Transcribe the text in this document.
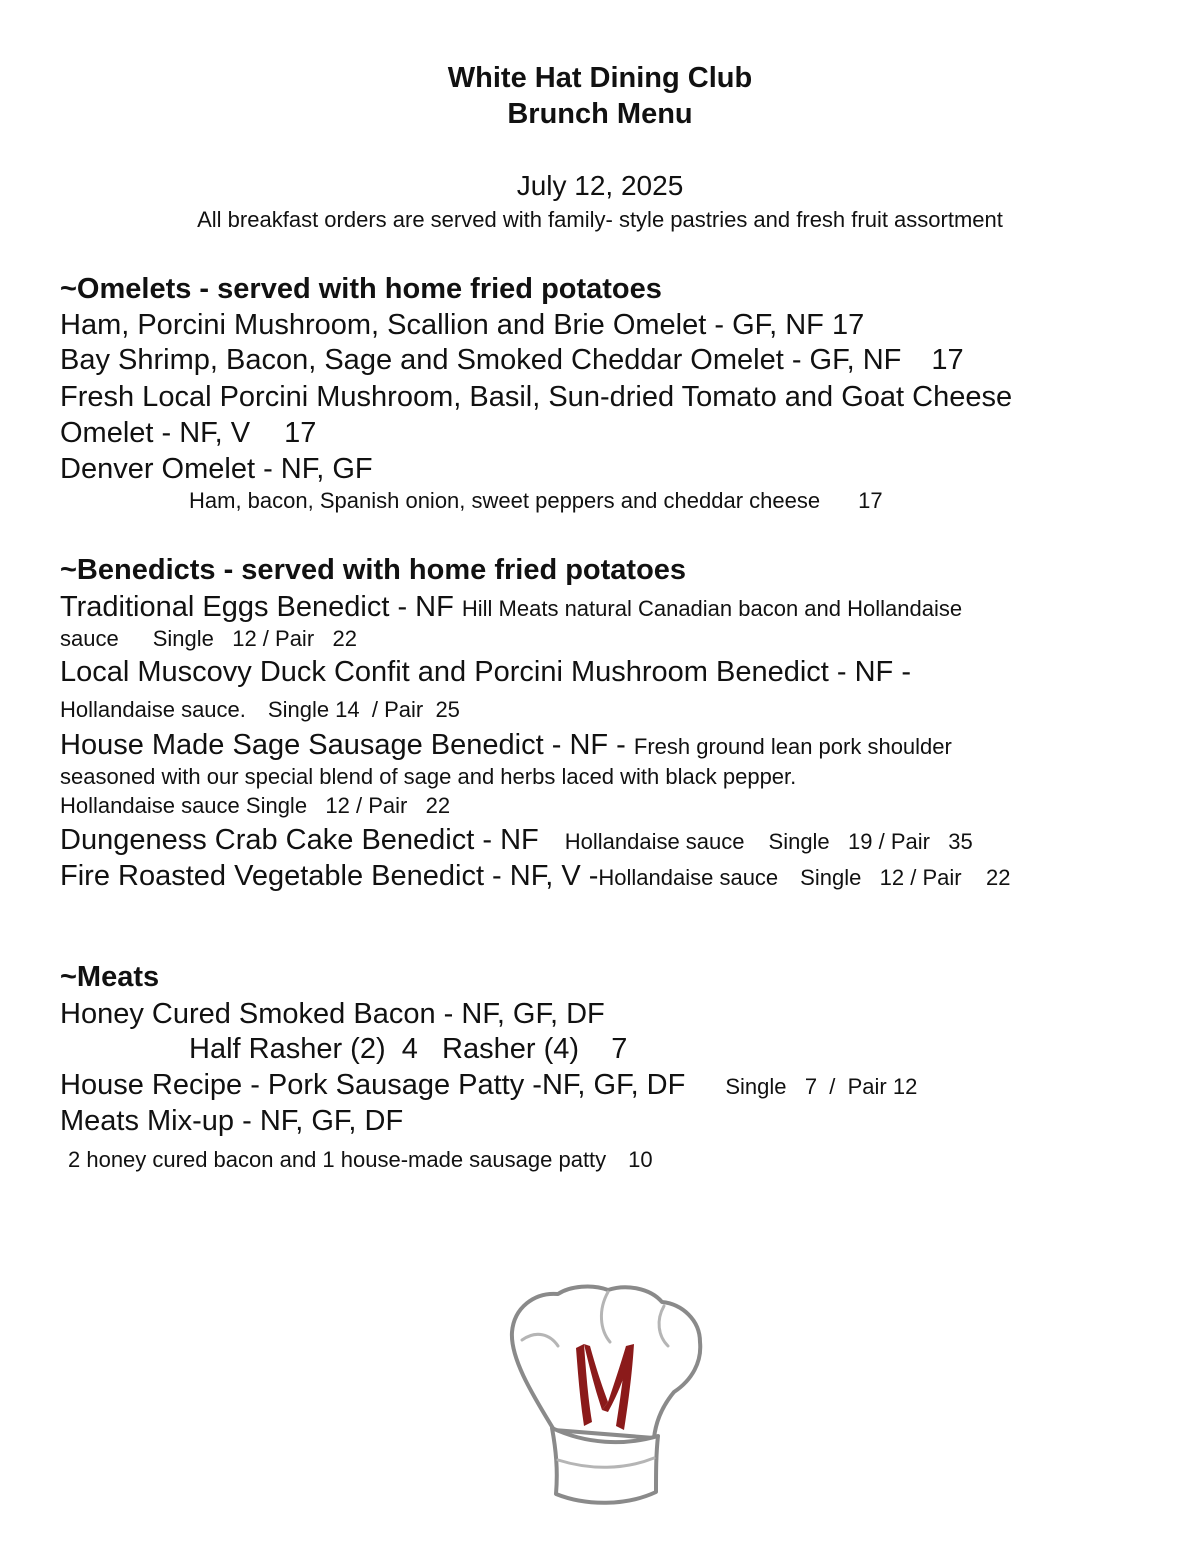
White Hat Dining Club
Brunch Menu
July 12, 2025
All breakfast orders are served with family- style pastries and fresh fruit assortment
~Omelets - served with home fried potatoes
Ham, Porcini Mushroom, Scallion and Brie Omelet - GF, NF 17
Bay Shrimp, Bacon, Sage and Smoked Cheddar Omelet - GF, NF 17
Fresh Local Porcini Mushroom, Basil, Sun-dried Tomato and Goat Cheese
Omelet - NF, V 17
Denver Omelet - NF, GF
Ham, bacon, Spanish onion, sweet peppers and cheddar cheese 17
~Benedicts - served with home fried potatoes
Traditional Eggs Benedict - NF Hill Meats natural Canadian bacon and Hollandaise
sauce Single   12 / Pair   22
Local Muscovy Duck Confit and Porcini Mushroom Benedict - NF -
Hollandaise sauce. Single 14  / Pair  25
House Made Sage Sausage Benedict - NF - Fresh ground lean pork shoulder
seasoned with our special blend of sage and herbs laced with black pepper.
Hollandaise sauce Single   12 / Pair   22
Dungeness Crab Cake Benedict - NF Hollandaise sauce Single   19 / Pair   35
Fire Roasted Vegetable Benedict - NF, V -Hollandaise sauce Single   12 / Pair    22
~Meats
Honey Cured Smoked Bacon - NF, GF, DF
Half Rasher (2)  4   Rasher (4)    7
House Recipe - Pork Sausage Patty -NF, GF, DF Single   7  /  Pair 12
Meats Mix-up - NF, GF, DF
2 honey cured bacon and 1 house-made sausage patty 10
